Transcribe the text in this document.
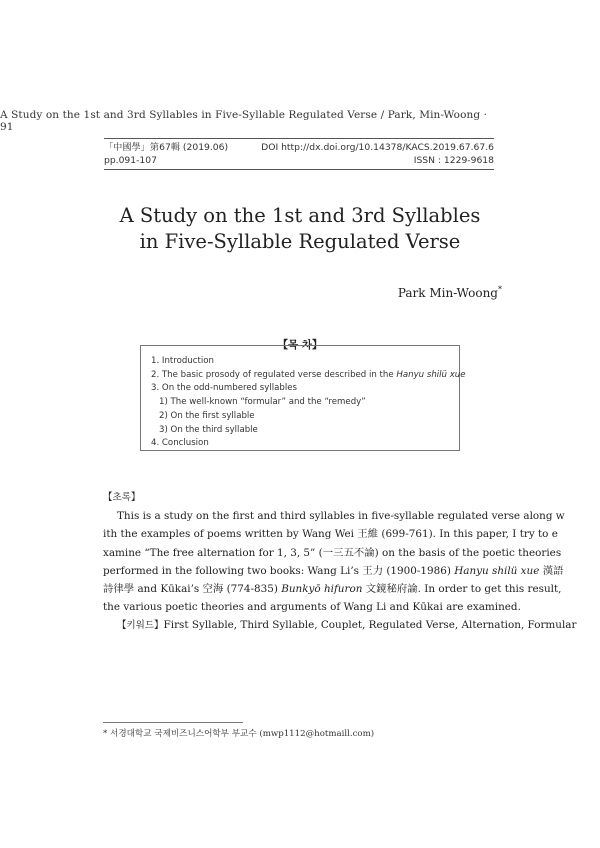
A Study on the 1st and 3rd Syllables in Five-Syllable Regulated Verse / Park, Min-Woong · 91
「中國學」第67輯 (2019.06)	DOI http://dx.doi.org/10.14378/KACS.2019.67.67.6
pp.091-107	ISSN : 1229-9618
A Study on the 1st and 3rd Syllables
in Five-Syllable Regulated Verse
Park Min-Woong*
【목 차】
1. Introduction
2. The basic prosody of regulated verse described in the Hanyu shilü xue
3. On the odd-numbered syllables
1) The well-known “formular” and the “remedy”
2) On the first syllable
3) On the third syllable
4. Conclusion
【초록】
This is a study on the first and third syllables in five-syllable regulated verse along w
ith the examples of poems written by Wang Wei 王維 (699-761). In this paper, I try to e
xamine “The free alternation for 1, 3, 5” (一三五不論) on the basis of the poetic theories
performed in the following two books: Wang Li’s 王力 (1900-1986) Hanyu shilü xue 漢語
詩律學 and Kūkai’s 空海 (774-835) Bunkyō hifuron 文鏡秘府論. In order to get this result,
the various poetic theories and arguments of Wang Li and Kūkai are examined.
【키워드】First Syllable, Third Syllable, Couplet, Regulated Verse, Alternation, Formular
* 서경대학교 국제비즈니스어학부 부교수 (mwp1112@hotmaill.com)
